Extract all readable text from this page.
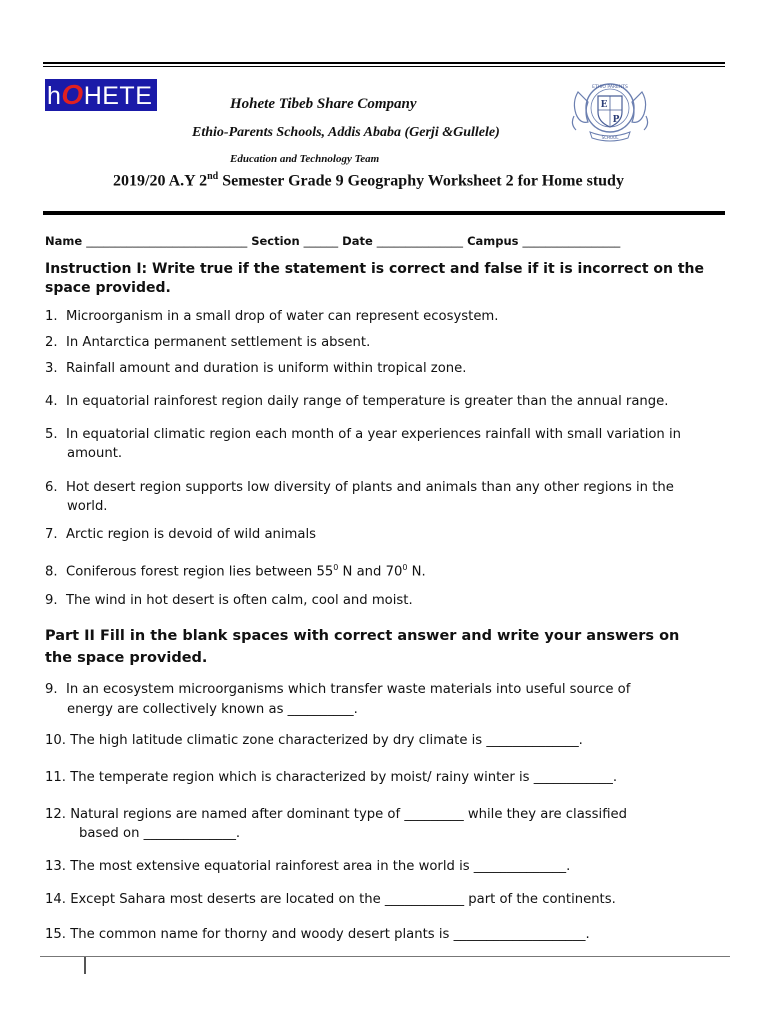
hOHETE	Hohete Tibeb Share Company
Ethio-Parents Schools, Addis Ababa (Gerji &Gullele)
Education and Technology Team
2019/20 A.Y 2nd Semester Grade 9 Geography Worksheet 2 for Home study
ETHIO PARENTS
E
P
SCHOOL
Name ____________________________ Section ______ Date _______________ Campus _________________
Instruction I: Write true if the statement is correct and false if it is incorrect on the
space provided.
1. Microorganism in a small drop of water can represent ecosystem.
2. In Antarctica permanent settlement is absent.
3. Rainfall amount and duration is uniform within tropical zone.
4. In equatorial rainforest region daily range of temperature is greater than the annual range.
5. In equatorial climatic region each month of a year experiences rainfall with small variation in
amount.
6. Hot desert region supports low diversity of plants and animals than any other regions in the
world.
7. Arctic region is devoid of wild animals
8. Coniferous forest region lies between $55^0$ N and $70^0$ N.
9.  The wind in hot desert is often calm, cool and moist.
Part II Fill in the blank spaces with correct answer and write your answers on
the space provided.
9. In an ecosystem microorganisms which transfer waste materials into useful source of
energy are collectively known as __________.
10. The high latitude climatic zone characterized by dry climate is ______________.
11. The temperate region which is characterized by moist/ rainy winter is ____________.
12. Natural regions are named after dominant type of _________ while they are classified
based on ______________.
13. The most extensive equatorial rainforest area in the world is ______________.
14. Except Sahara most deserts are located on the ____________ part of the continents.
15. The common name for thorny and woody desert plants is ____________________.
